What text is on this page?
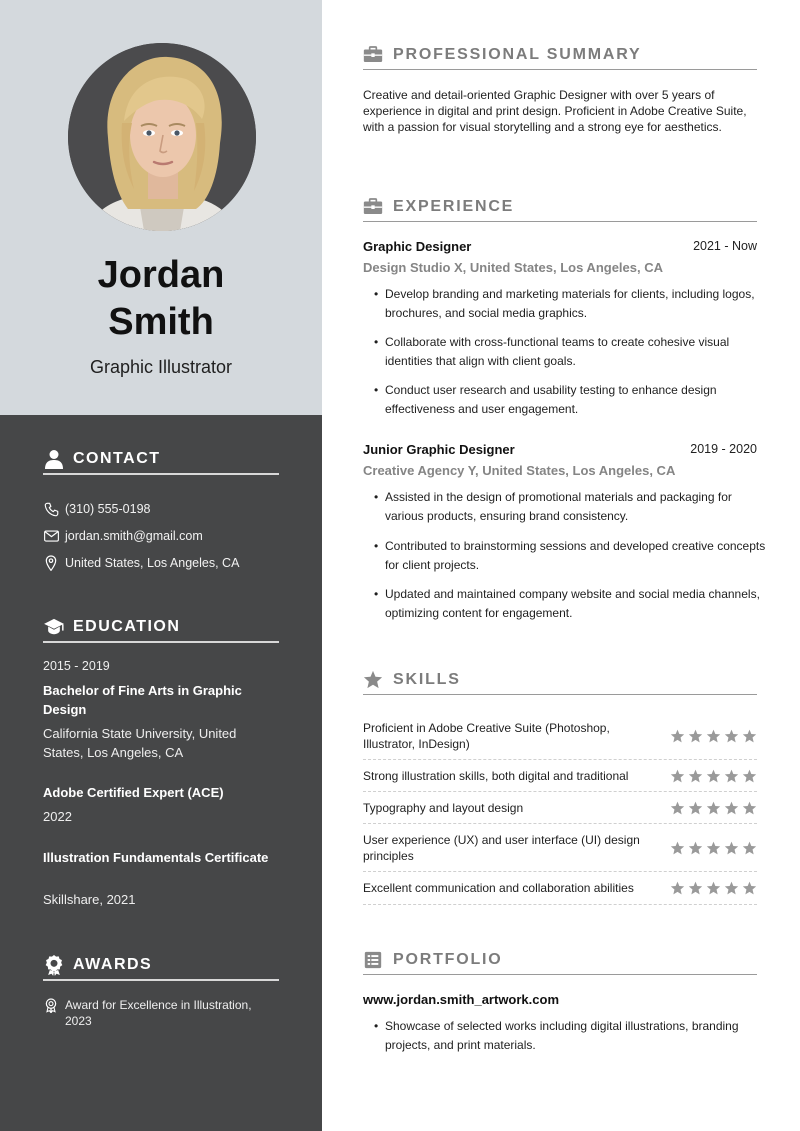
Jordan
Smith
Graphic Illustrator
CONTACT
(310) 555-0198
jordan.smith@gmail.com
United States, Los Angeles, CA
EDUCATION
2015 - 2019
Bachelor of Fine Arts in Graphic Design
California State University, United States, Los Angeles, CA
Adobe Certified Expert (ACE)
2022
Illustration Fundamentals Certificate
Skillshare, 2021
AWARDS
Award for Excellence in Illustration, 2023
PROFESSIONAL SUMMARY
Creative and detail-oriented Graphic Designer with over 5 years of experience in digital and print design. Proficient in Adobe Creative Suite, with a passion for visual storytelling and a strong eye for aesthetics.
EXPERIENCE
Graphic Designer	2021 - Now
Design Studio X, United States, Los Angeles, CA
• Develop branding and marketing materials for clients, including logos, brochures, and social media graphics.
• Collaborate with cross-functional teams to create cohesive visual identities that align with client goals.
• Conduct user research and usability testing to enhance design effectiveness and user engagement.
Junior Graphic Designer	2019 - 2020
Creative Agency Y, United States, Los Angeles, CA
• Assisted in the design of promotional materials and packaging for various products, ensuring brand consistency.
• Contributed to brainstorming sessions and developed creative concepts for client projects.
• Updated and maintained company website and social media channels, optimizing content for engagement.
SKILLS
Proficient in Adobe Creative Suite (Photoshop, Illustrator, InDesign)
Strong illustration skills, both digital and traditional
Typography and layout design
User experience (UX) and user interface (UI) design principles
Excellent communication and collaboration abilities
PORTFOLIO
www.jordan.smith_artwork.com
• Showcase of selected works including digital illustrations, branding projects, and print materials.
